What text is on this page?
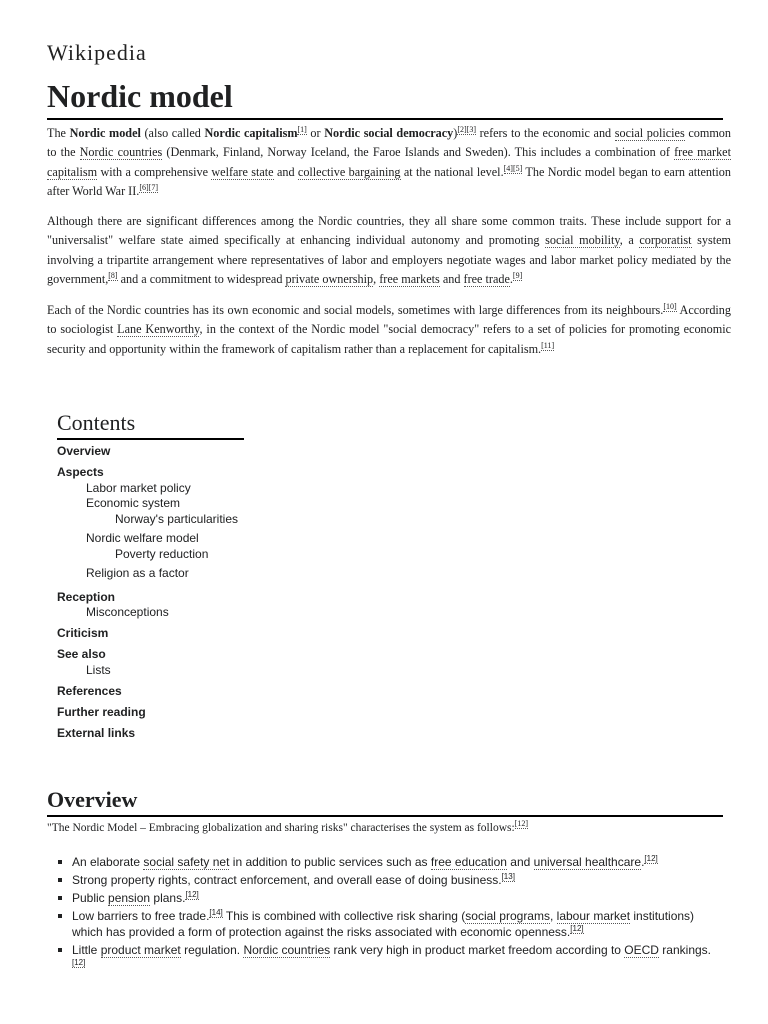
Wikipedia
Nordic model

The Nordic model (also called Nordic capitalism[1] or Nordic social democracy)[2][3] refers to the economic and social policies common to the Nordic countries (Denmark, Finland, Norway Iceland, the Faroe Islands and Sweden). This includes a combination of free market capitalism with a comprehensive welfare state and collective bargaining at the national level.[4][5] The Nordic model began to earn attention after World War II.[6][7]

Although there are significant differences among the Nordic countries, they all share some common traits. These include support for a "universalist" welfare state aimed specifically at enhancing individual autonomy and promoting social mobility, a corporatist system involving a tripartite arrangement where representatives of labor and employers negotiate wages and labor market policy mediated by the government,[8] and a commitment to widespread private ownership, free markets and free trade.[9]

Each of the Nordic countries has its own economic and social models, sometimes with large differences from its neighbours.[10] According to sociologist Lane Kenworthy, in the context of the Nordic model "social democracy" refers to a set of policies for promoting economic security and opportunity within the framework of capitalism rather than a replacement for capitalism.[11]

Contents
Overview
Aspects
Labor market policy
Economic system
Norway's particularities
Nordic welfare model
Poverty reduction
Religion as a factor
Reception
Misconceptions
Criticism
See also
Lists
References
Further reading
External links
Overview
"The Nordic Model – Embracing globalization and sharing risks" characterises the system as follows:[12]
An elaborate social safety net in addition to public services such as free education and universal healthcare.[12]
Strong property rights, contract enforcement, and overall ease of doing business.[13]
Public pension plans.[12]
Low barriers to free trade.[14] This is combined with collective risk sharing (social programs, labour market institutions) which has provided a form of protection against the risks associated with economic openness.[12]
Little product market regulation. Nordic countries rank very high in product market freedom according to OECD rankings.[12]
